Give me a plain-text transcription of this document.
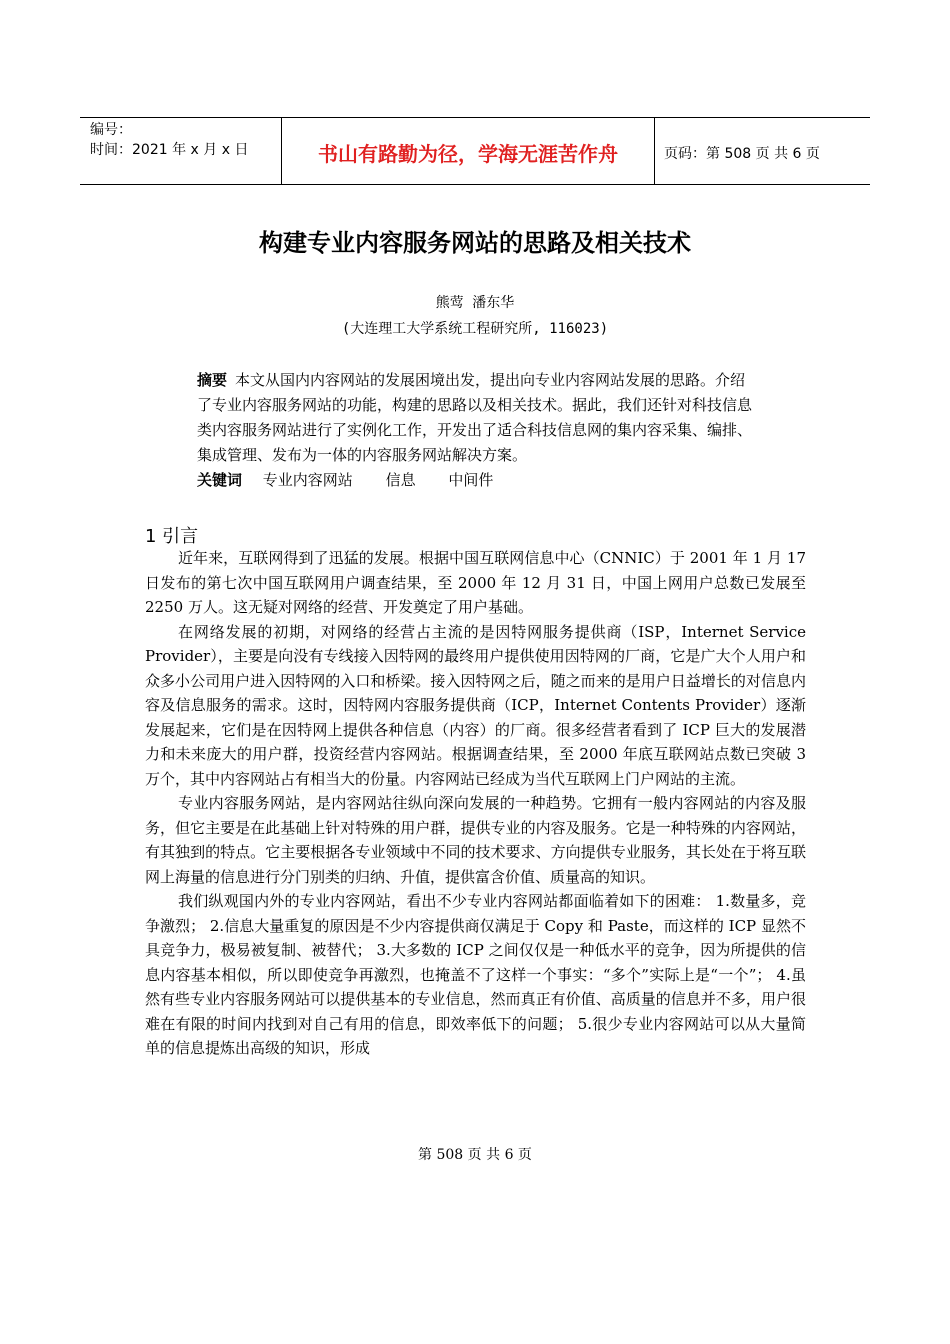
编号：
时间：2021 年 x 月 x 日	书山有路勤为径，学海无涯苦作舟	页码：第 508 页 共 6 页
构建专业内容服务网站的思路及相关技术
熊莺 潘东华
(大连理工大学系统工程研究所, 116023)
摘要 本文从国内内容网站的发展困境出发，提出向专业内容网站发展的思路。介绍了专业内容服务网站的功能，构建的思路以及相关技术。据此，我们还针对科技信息类内容服务网站进行了实例化工作，开发出了适合科技信息网的集内容采集、编排、集成管理、发布为一体的内容服务网站解决方案。
关键词 专业内容网站 信息 中间件
1 引言

近年来，互联网得到了迅猛的发展。根据中国互联网信息中心（CNNIC）于 2001 年 1 月 17 日发布的第七次中国互联网用户调查结果，至 2000 年 12 月 31 日，中国上网用户总数已发展至 2250 万人。这无疑对网络的经营、开发奠定了用户基础。

在网络发展的初期，对网络的经营占主流的是因特网服务提供商（ISP，Internet Service Provider），主要是向没有专线接入因特网的最终用户提供使用因特网的厂商，它是广大个人用户和众多小公司用户进入因特网的入口和桥梁。接入因特网之后，随之而来的是用户日益增长的对信息内容及信息服务的需求。这时，因特网内容服务提供商（ICP，Internet Contents Provider）逐渐发展起来，它们是在因特网上提供各种信息（内容）的厂商。很多经营者看到了 ICP 巨大的发展潜力和未来庞大的用户群，投资经营内容网站。根据调查结果，至 2000 年底互联网站点数已突破 3 万个，其中内容网站占有相当大的份量。内容网站已经成为当代互联网上门户网站的主流。

专业内容服务网站，是内容网站往纵向深向发展的一种趋势。它拥有一般内容网站的内容及服务，但它主要是在此基础上针对特殊的用户群，提供专业的内容及服务。它是一种特殊的内容网站，有其独到的特点。它主要根据各专业领域中不同的技术要求、方向提供专业服务，其长处在于将互联网上海量的信息进行分门别类的归纳、升值，提供富含价值、质量高的知识。

我们纵观国内外的专业内容网站，看出不少专业内容网站都面临着如下的困难： 1.数量多，竞争激烈； 2.信息大量重复的原因是不少内容提供商仅满足于 Copy 和 Paste，而这样的 ICP 显然不具竞争力，极易被复制、被替代； 3.大多数的 ICP 之间仅仅是一种低水平的竞争，因为所提供的信息内容基本相似，所以即使竞争再激烈，也掩盖不了这样一个事实：“多个”实际上是“一个”； 4.虽然有些专业内容服务网站可以提供基本的专业信息，然而真正有价值、高质量的信息并不多，用户很难在有限的时间内找到对自己有用的信息，即效率低下的问题； 5.很少专业内容网站可以从大量简单的信息提炼出高级的知识，形成

第 508 页 共 6 页
